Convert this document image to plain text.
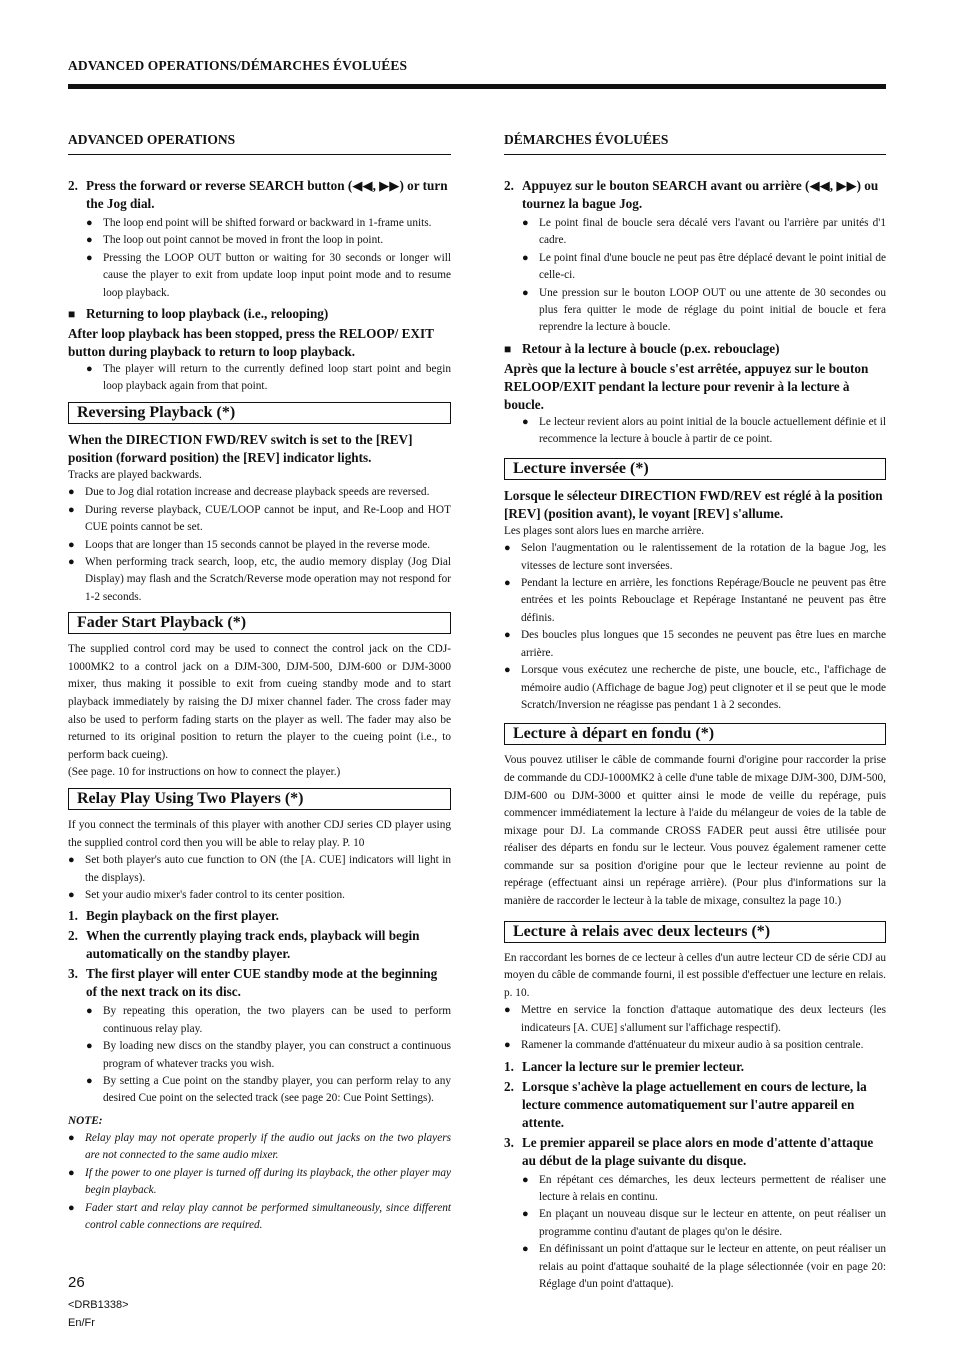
ADVANCED OPERATIONS/DÉMARCHES ÉVOLUÉES
ADVANCED OPERATIONS
2. Press the forward or reverse SEARCH button (◀◀, ▶▶) or turn the Jog dial.
● The loop end point will be shifted forward or backward in 1-frame units.
● The loop out point cannot be moved in front the loop in point.
● Pressing the LOOP OUT button or waiting for 30 seconds or longer will cause the player to exit from update loop input point mode and to resume loop playback.
■ Returning to loop playback (i.e., relooping)

After loop playback has been stopped, press the RELOOP/ EXIT button during playback to return to loop playback.

● The player will return to the currently defined loop start point and begin loop playback again from that point.
Reversing Playback (*)

When the DIRECTION FWD/REV switch is set to the [REV] position (forward position) the [REV] indicator lights.

Tracks are played backwards.

● Due to Jog dial rotation increase and decrease playback speeds are reversed.
● During reverse playback, CUE/LOOP cannot be input, and Re-Loop and HOT CUE points cannot be set.
● Loops that are longer than 15 seconds cannot be played in the reverse mode.
● When performing track search, loop, etc, the audio memory display (Jog Dial Display) may flash and the Scratch/Reverse mode operation may not respond for 1-2 seconds.
Fader Start Playback (*)

The supplied control cord may be used to connect the control jack on the CDJ-1000MK2 to a control jack on a DJM-300, DJM-500, DJM-600 or DJM-3000 mixer, thus making it possible to exit from cueing standby mode and to start playback immediately by raising the DJ mixer channel fader. The cross fader may also be used to perform fading starts on the player as well. The fader may also be returned to its original position to return the player to the cueing point (i.e., to perform back cueing).

(See page. 10 for instructions on how to connect the player.)

Relay Play Using Two Players (*)

If you connect the terminals of this player with another CDJ series CD player using the supplied control cord then you will be able to relay play. P. 10

● Set both player's auto cue function to ON (the [A. CUE] indicators will light in the displays).
● Set your audio mixer's fader control to its center position.
1. Begin playback on the first player.
2. When the currently playing track ends, playback will begin automatically on the standby player.
3. The first player will enter CUE standby mode at the beginning of the next track on its disc.
● By repeating this operation, the two players can be used to perform continuous relay play.
● By loading new discs on the standby player, you can construct a continuous program of whatever tracks you wish.
● By setting a Cue point on the standby player, you can perform relay to any desired Cue point on the selected track (see page 20: Cue Point Settings).

NOTE:

● Relay play may not operate properly if the audio out jacks on the two players are not connected to the same audio mixer.
● If the power to one player is turned off during its playback, the other player may begin playback.
● Fader start and relay play cannot be performed simultaneously, since different control cable connections are required.
DÉMARCHES ÉVOLUÉES
2. Appuyez sur le bouton SEARCH avant ou arrière (◀◀, ▶▶) ou tournez la bague Jog.
● Le point final de boucle sera décalé vers l'avant ou l'arrière par unités d'1 cadre.
● Le point final d'une boucle ne peut pas être déplacé devant le point initial de celle-ci.
● Une pression sur le bouton LOOP OUT ou une attente de 30 secondes ou plus fera quitter le mode de réglage du point initial de boucle et fera reprendre la lecture à boucle.
■ Retour à la lecture à boucle (p.ex. rebouclage)

Après que la lecture à boucle s'est arrêtée, appuyez sur le bouton RELOOP/EXIT pendant la lecture pour revenir à la lecture à boucle.

● Le lecteur revient alors au point initial de la boucle actuellement définie et il recommence la lecture à boucle à partir de ce point.
Lecture inversée (*)

Lorsque le sélecteur DIRECTION FWD/REV est réglé à la position [REV] (position avant), le voyant [REV] s'allume.

Les plages sont alors lues en marche arrière.

● Selon l'augmentation ou le ralentissement de la rotation de la bague Jog, les vitesses de lecture sont inversées.
● Pendant la lecture en arrière, les fonctions Repérage/Boucle ne peuvent pas être entrées et les points Rebouclage et Repérage Instantané ne peuvent pas être définis.
● Des boucles plus longues que 15 secondes ne peuvent pas être lues en marche arrière.
● Lorsque vous exécutez une recherche de piste, une boucle, etc., l'affichage de mémoire audio (Affichage de bague Jog) peut clignoter et il se peut que le mode Scratch/Inversion ne réagisse pas pendant 1 à 2 secondes.
Lecture à départ en fondu (*)

Vous pouvez utiliser le câble de commande fourni d'origine pour raccorder la prise de commande du CDJ-1000MK2 à celle d'une table de mixage DJM-300, DJM-500, DJM-600 ou DJM-3000 et quitter ainsi le mode de veille du repérage, puis commencer immédiatement la lecture à l'aide du mélangeur de voies de la table de mixage pour DJ. La commande CROSS FADER peut aussi être utilisée pour réaliser des départs en fondu sur le lecteur. Vous pouvez également ramener cette commande sur sa position d'origine pour que le lecteur revienne au point de repérage (effectuant ainsi un repérage arrière). (Pour plus d'informations sur la manière de raccorder le lecteur à la table de mixage, consultez la page 10.)

Lecture à relais avec deux lecteurs (*)

En raccordant les bornes de ce lecteur à celles d'un autre lecteur CD de série CDJ au moyen du câble de commande fourni, il est possible d'effectuer une lecture en relais. p. 10.

● Mettre en service la fonction d'attaque automatique des deux lecteurs (les indicateurs [A. CUE] s'allument sur l'affichage respectif).
● Ramener la commande d'atténuateur du mixeur audio à sa position centrale.
1. Lancer la lecture sur le premier lecteur.
2. Lorsque s'achève la plage actuellement en cours de lecture, la lecture commence automatiquement sur l'autre appareil en attente.
3. Le premier appareil se place alors en mode d'attente d'attaque au début de la plage suivante du disque.
● En répétant ces démarches, les deux lecteurs permettent de réaliser une lecture à relais en continu.
● En plaçant un nouveau disque sur le lecteur en attente, on peut réaliser un programme continu d'autant de plages qu'on le désire.
● En définissant un point d'attaque sur le lecteur en attente, on peut réaliser un relais au point d'attaque souhaité de la plage sélectionnée (voir en page 20: Réglage d'un point d'attaque).
26
<DRB1338>
En/Fr
